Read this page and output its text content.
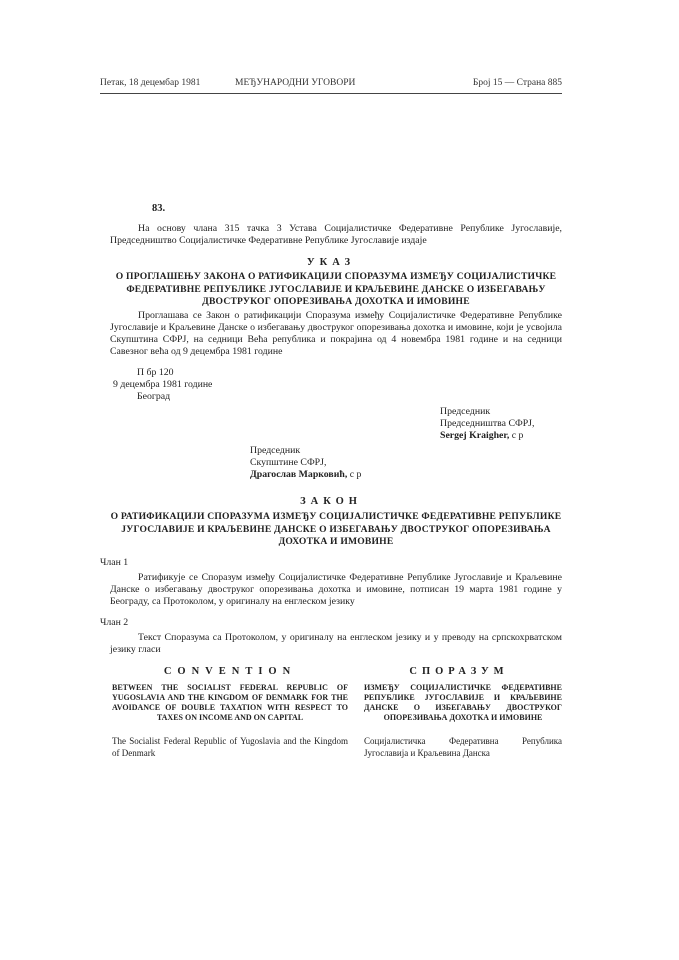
Петак, 18 децембар 1981	МЕЂУНАРОДНИ УГОВОРИ	Број 15 — Страна 885
83.
На основу члана 315 тачка 3 Устава Социјалистичке Федеративне Републике Југославије, Председништво Социјалистичке Федеративне Републике Југославије издаје
УКАЗ
О ПРОГЛАШЕЊУ ЗАКОНА О РАТИФИКАЦИЈИ СПОРАЗУМА ИЗМЕЂУ СОЦИЈАЛИСТИЧКЕ ФЕДЕРАТИВНЕ РЕПУБЛИКЕ ЈУГОСЛАВИЈЕ И КРАЉЕВИНЕ ДАНСКЕ О ИЗБЕГАВАЊУ ДВОСТРУКОГ ОПОРЕЗИВАЊА ДОХОТКА И ИМОВИНЕ
Проглашава се Закон о ратификацији Споразума између Социјалистичке Федеративне Републике Југославије и Краљевине Данске о избегавању двоструког опорезивања дохотка и имовине, који је усвојила Скупштина СФРЈ, на седници Већа република и покрајина од 4 новембра 1981 године и на седници Савезног већа од 9 децембра 1981 године
П бр 120
9 децембра 1981 године
Београд
Председник
Председништва СФРЈ,
Sergej Kraigher, с р
Председник
Скупштине СФРЈ,
Драгослав Марковић, с р
ЗАКОН
О РАТИФИКАЦИЈИ СПОРАЗУМА ИЗМЕЂУ СОЦИЈАЛИСТИЧКЕ ФЕДЕРАТИВНЕ РЕПУБЛИКЕ ЈУГОСЛАВИЈЕ И КРАЉЕВИНЕ ДАНСКЕ О ИЗБЕГАВАЊУ ДВОСТРУКОГ ОПОРЕЗИВАЊА ДОХОТКА И ИМОВИНЕ
Члан 1
Ратификује се Споразум између Социјалистичке Федеративне Републике Југославије и Краљевине Данске о избегавању двоструког опорезивања дохотка и имовине, потписан 19 марта 1981 године у Београду, са Протоколом, у оригиналу на енглеском језику
Члан 2
Текст Споразума са Протоколом, у оригиналу на енглеском језику и у преводу на српскохрватском језику гласи
CONVENTION
BETWEEN THE SOCIALIST FEDERAL REPUBLIC OF YUGOSLAVIA AND THE KINGDOM OF DENMARK FOR THE AVOIDANCE OF DOUBLE TAXATION WITH RESPECT TO TAXES ON INCOME AND ON CAPITAL
The Socialist Federal Republic of Yugoslavia and the Kingdom of Denmark
СПОРАЗУМ
ИЗМЕЂУ СОЦИЈАЛИСТИЧКЕ ФЕДЕРАТИВНЕ РЕПУБЛИКЕ ЈУГОСЛАВИЈЕ И КРАЉЕВИНЕ ДАНСКЕ О ИЗБЕГАВАЊУ ДВОСТРУКОГ ОПОРЕЗИВАЊА ДОХОТКА И ИМОВИНЕ
Социјалистичка Федеративна Република Југославија и Краљевина Данска
